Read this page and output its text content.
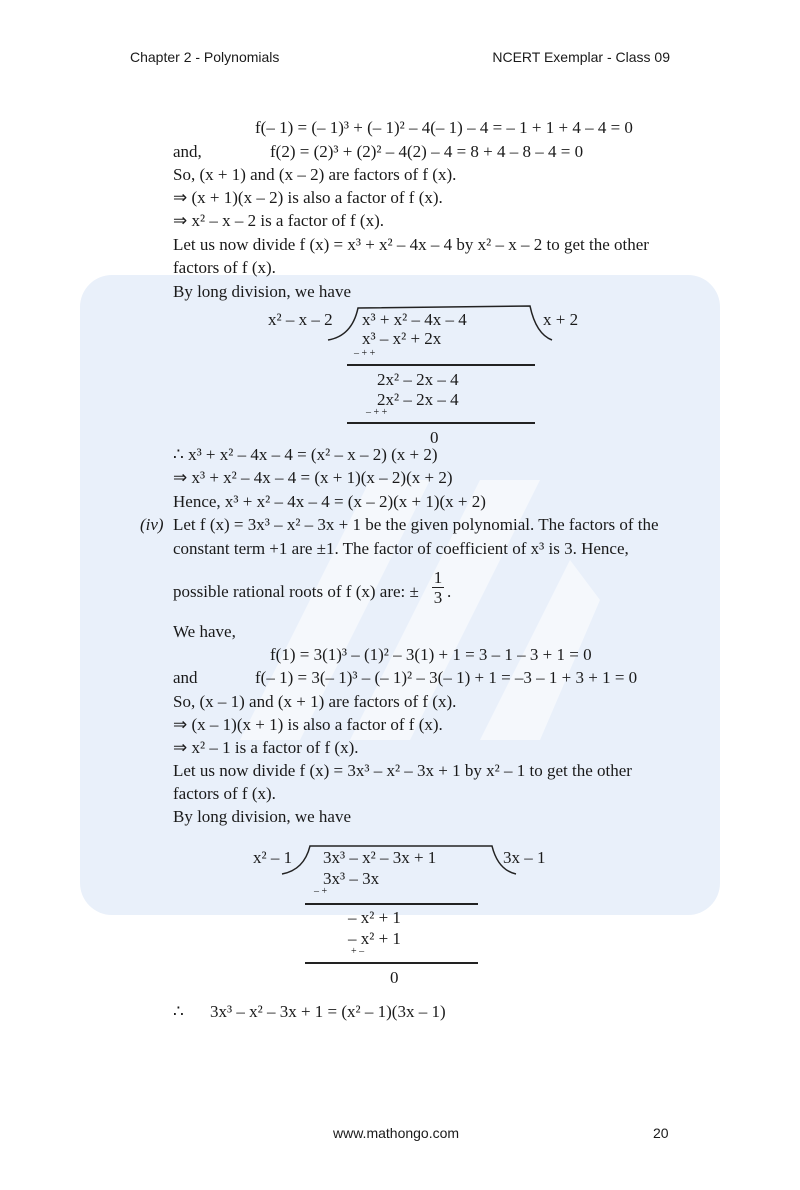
Chapter 2 - Polynomials	NCERT Exemplar - Class 09
f(– 1) = (– 1)³ + (– 1)² – 4(– 1) – 4 = – 1 + 1 + 4 – 4 = 0
and,	f(2) = (2)³ + (2)² – 4(2) – 4 = 8 + 4 – 8 – 4 = 0
So, (x + 1) and (x – 2) are factors of f (x).
⇒ (x + 1)(x – 2) is also a factor of f (x).
⇒ x² – x – 2 is a factor of f (x).
Let us now divide f (x) = x³ + x² – 4x – 4 by x² – x – 2 to get the other
factors of f (x).
By long division, we have
x² – x – 2 x³ + x² – 4x – 4	x + 2
x³ – x² + 2x
– + +
2x² – 2x – 4
2x² – 2x – 4
– + +
0
∴ x³ + x² – 4x – 4 = (x² – x – 2) (x + 2)
⇒ x³ + x² – 4x – 4 = (x + 1)(x – 2)(x + 2)
Hence, x³ + x² – 4x – 4 = (x – 2)(x + 1)(x + 2)
(iv) Let f (x) = 3x³ – x² – 3x + 1 be the given polynomial. The factors of the
constant term +1 are ±1. The factor of coefficient of x³ is 3. Hence,
possible rational roots of f (x) are: ± $\frac{1}{3}$ .
We have,
f(1) = 3(1)³ – (1)² – 3(1) + 1 = 3 – 1 – 3 + 1 = 0
and	f(– 1) = 3(– 1)³ – (– 1)² – 3(– 1) + 1 = –3 – 1 + 3 + 1 = 0
So, (x – 1) and (x + 1) are factors of f (x).
⇒ (x – 1)(x + 1) is also a factor of f (x).
⇒ x² – 1 is a factor of f (x).
Let us now divide f (x) = 3x³ – x² – 3x + 1 by x² – 1 to get the other
factors of f (x).
By long division, we have
x² – 1 3x³ – x² – 3x + 1	3x – 1
3x³ – 3x
– +
– x² + 1
– x² + 1
+ –
0
∴ 3x³ – x² – 3x + 1 = (x² – 1)(3x – 1)
www.mathongo.com	20
